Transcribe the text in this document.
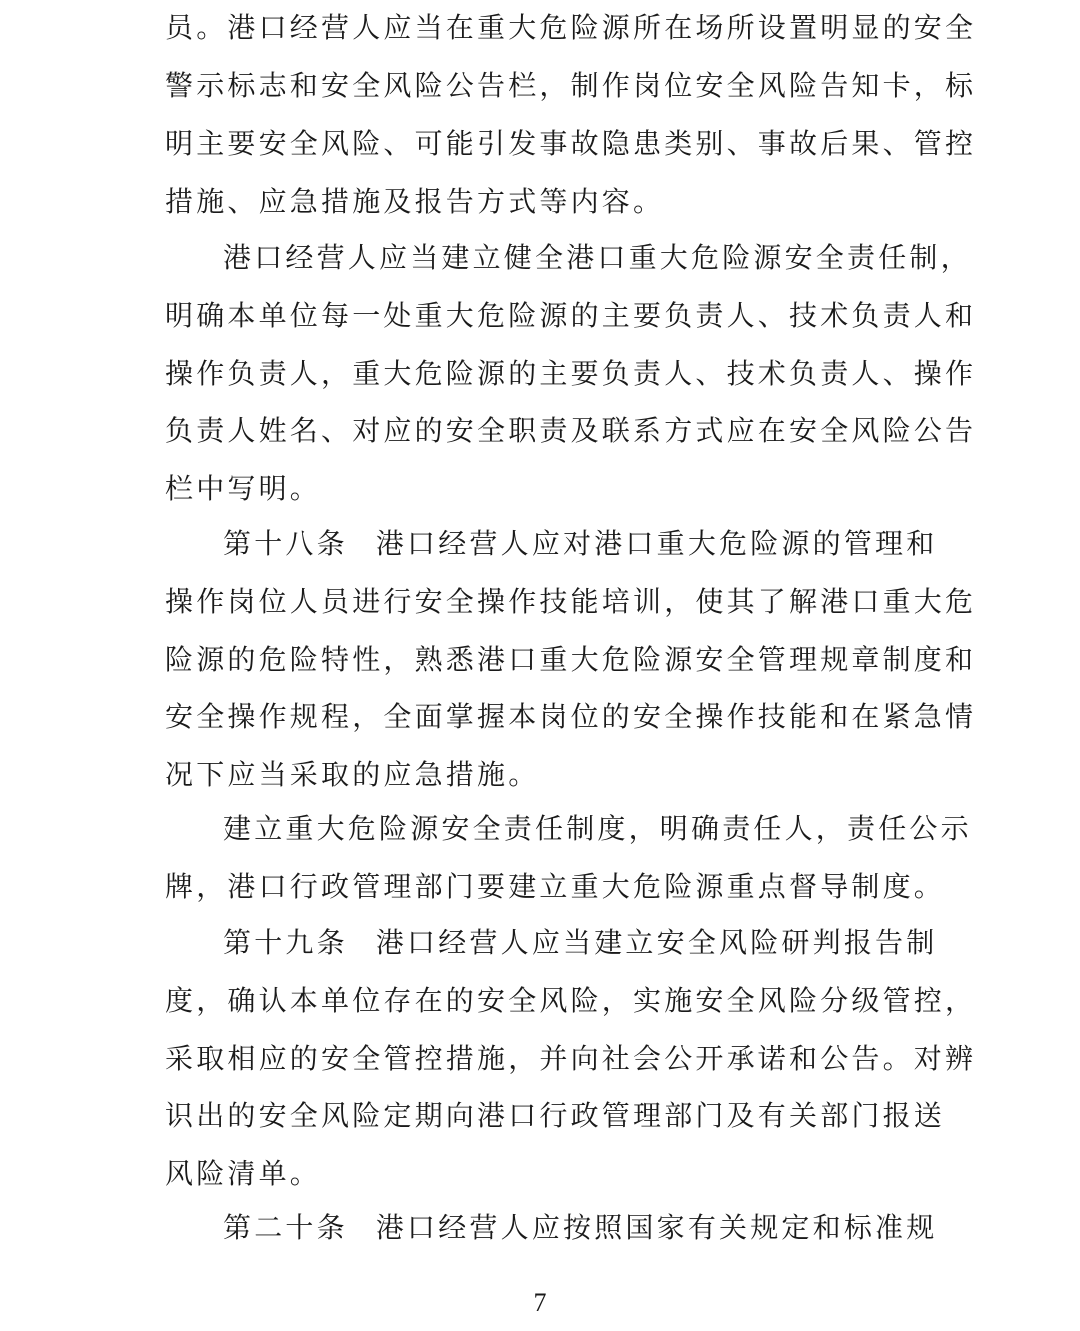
员。港口经营人应当在重大危险源所在场所设置明显的安全
警示标志和安全风险公告栏，制作岗位安全风险告知卡，标
明主要安全风险、可能引发事故隐患类别、事故后果、管控
措施、应急措施及报告方式等内容。
港口经营人应当建立健全港口重大危险源安全责任制，
明确本单位每一处重大危险源的主要负责人、技术负责人和
操作负责人，重大危险源的主要负责人、技术负责人、操作
负责人姓名、对应的安全职责及联系方式应在安全风险公告
栏中写明。
第十八条 港口经营人应对港口重大危险源的管理和
操作岗位人员进行安全操作技能培训，使其了解港口重大危
险源的危险特性，熟悉港口重大危险源安全管理规章制度和
安全操作规程，全面掌握本岗位的安全操作技能和在紧急情
况下应当采取的应急措施。
建立重大危险源安全责任制度，明确责任人，责任公示
牌，港口行政管理部门要建立重大危险源重点督导制度。
第十九条 港口经营人应当建立安全风险研判报告制
度，确认本单位存在的安全风险，实施安全风险分级管控，
采取相应的安全管控措施，并向社会公开承诺和公告。对辨
识出的安全风险定期向港口行政管理部门及有关部门报送
风险清单。
第二十条 港口经营人应按照国家有关规定和标准规
7
